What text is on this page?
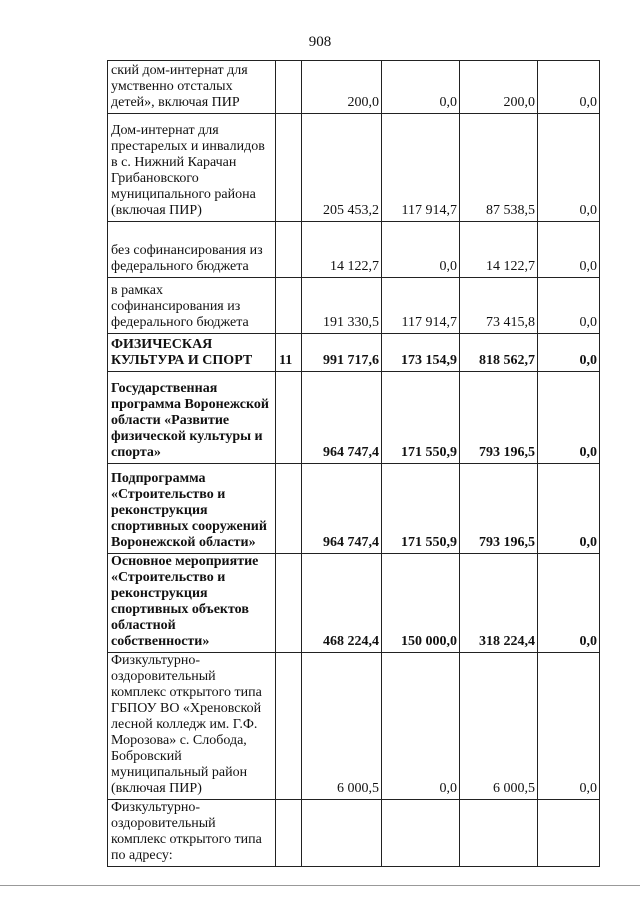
908
ский дом-интернат для умственно отсталых детей», включая ПИР		200,0	0,0	200,0	0,0
Дом-интернат для престарелых и инвалидов в с. Нижний Карачан Грибановского муниципального района (включая ПИР)		205 453,2	117 914,7	87 538,5	0,0
без софинансирования из федерального бюджета		14 122,7	0,0	14 122,7	0,0
в рамках софинансирования из федерального бюджета		191 330,5	117 914,7	73 415,8	0,0
ФИЗИЧЕСКАЯ КУЛЬТУРА И СПОРТ	11	991 717,6	173 154,9	818 562,7	0,0
Государственная программа Воронежской области «Развитие физической культуры и спорта»		964 747,4	171 550,9	793 196,5	0,0
Подпрограмма «Строительство и реконструкция спортивных сооружений Воронежской области»		964 747,4	171 550,9	793 196,5	0,0
Основное мероприятие «Строительство и реконструкция спортивных объектов областной собственности»		468 224,4	150 000,0	318 224,4	0,0
Физкультурно-оздоровительный комплекс открытого типа ГБПОУ ВО «Хреновской лесной колледж им. Г.Ф. Морозова» с. Слобода, Бобровский муниципальный район (включая ПИР)		6 000,5	0,0	6 000,5	0,0
Физкультурно-оздоровительный комплекс открытого типа по адресу:					
